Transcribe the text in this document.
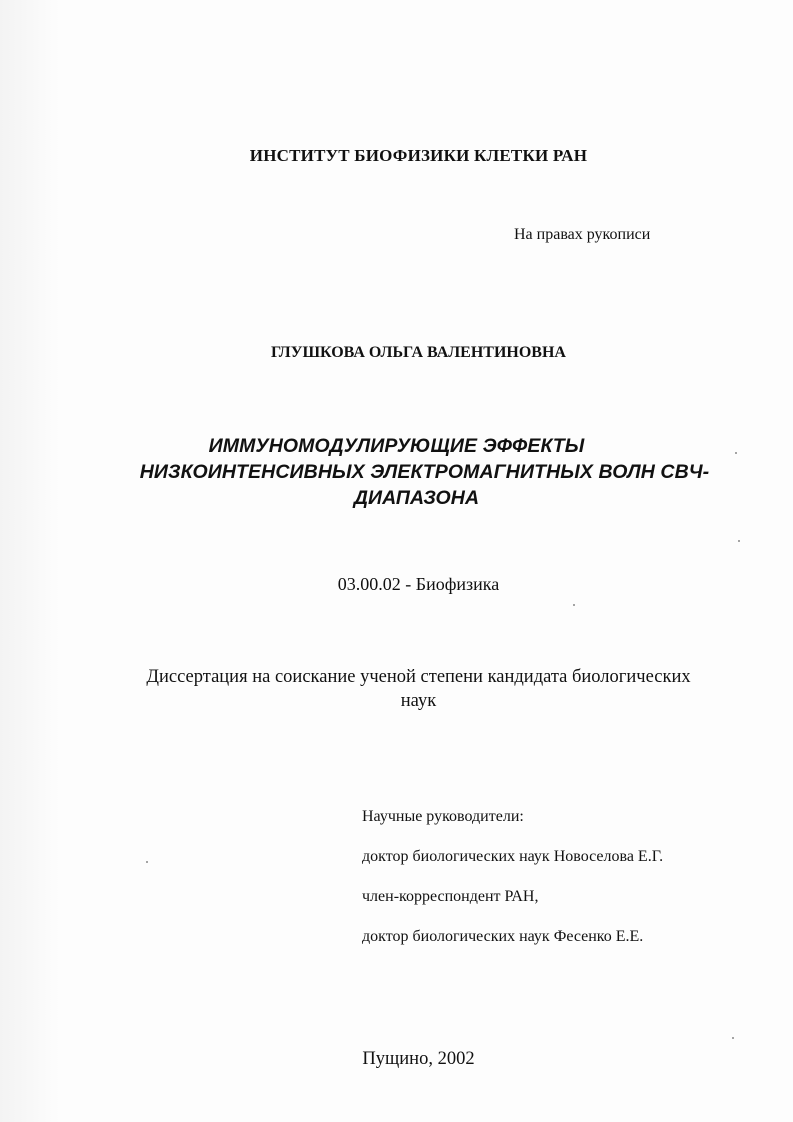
ИНСТИТУТ БИОФИЗИКИ КЛЕТКИ РАН
На правах рукописи
ГЛУШКОВА ОЛЬГА ВАЛЕНТИНОВНА
ИММУНОМОДУЛИРУЮЩИЕ ЭФФЕКТЫ
НИЗКОИНТЕНСИВНЫХ ЭЛЕКТРОМАГНИТНЫХ ВОЛН СВЧ-
ДИАПАЗОНА
03.00.02 - Биофизика
Диссертация на соискание ученой степени кандидата биологических
наук
Научные руководители:
доктор биологических наук Новоселова Е.Г.
член-корреспондент РАН,
доктор биологических наук Фесенко Е.Е.
Пущино, 2002
